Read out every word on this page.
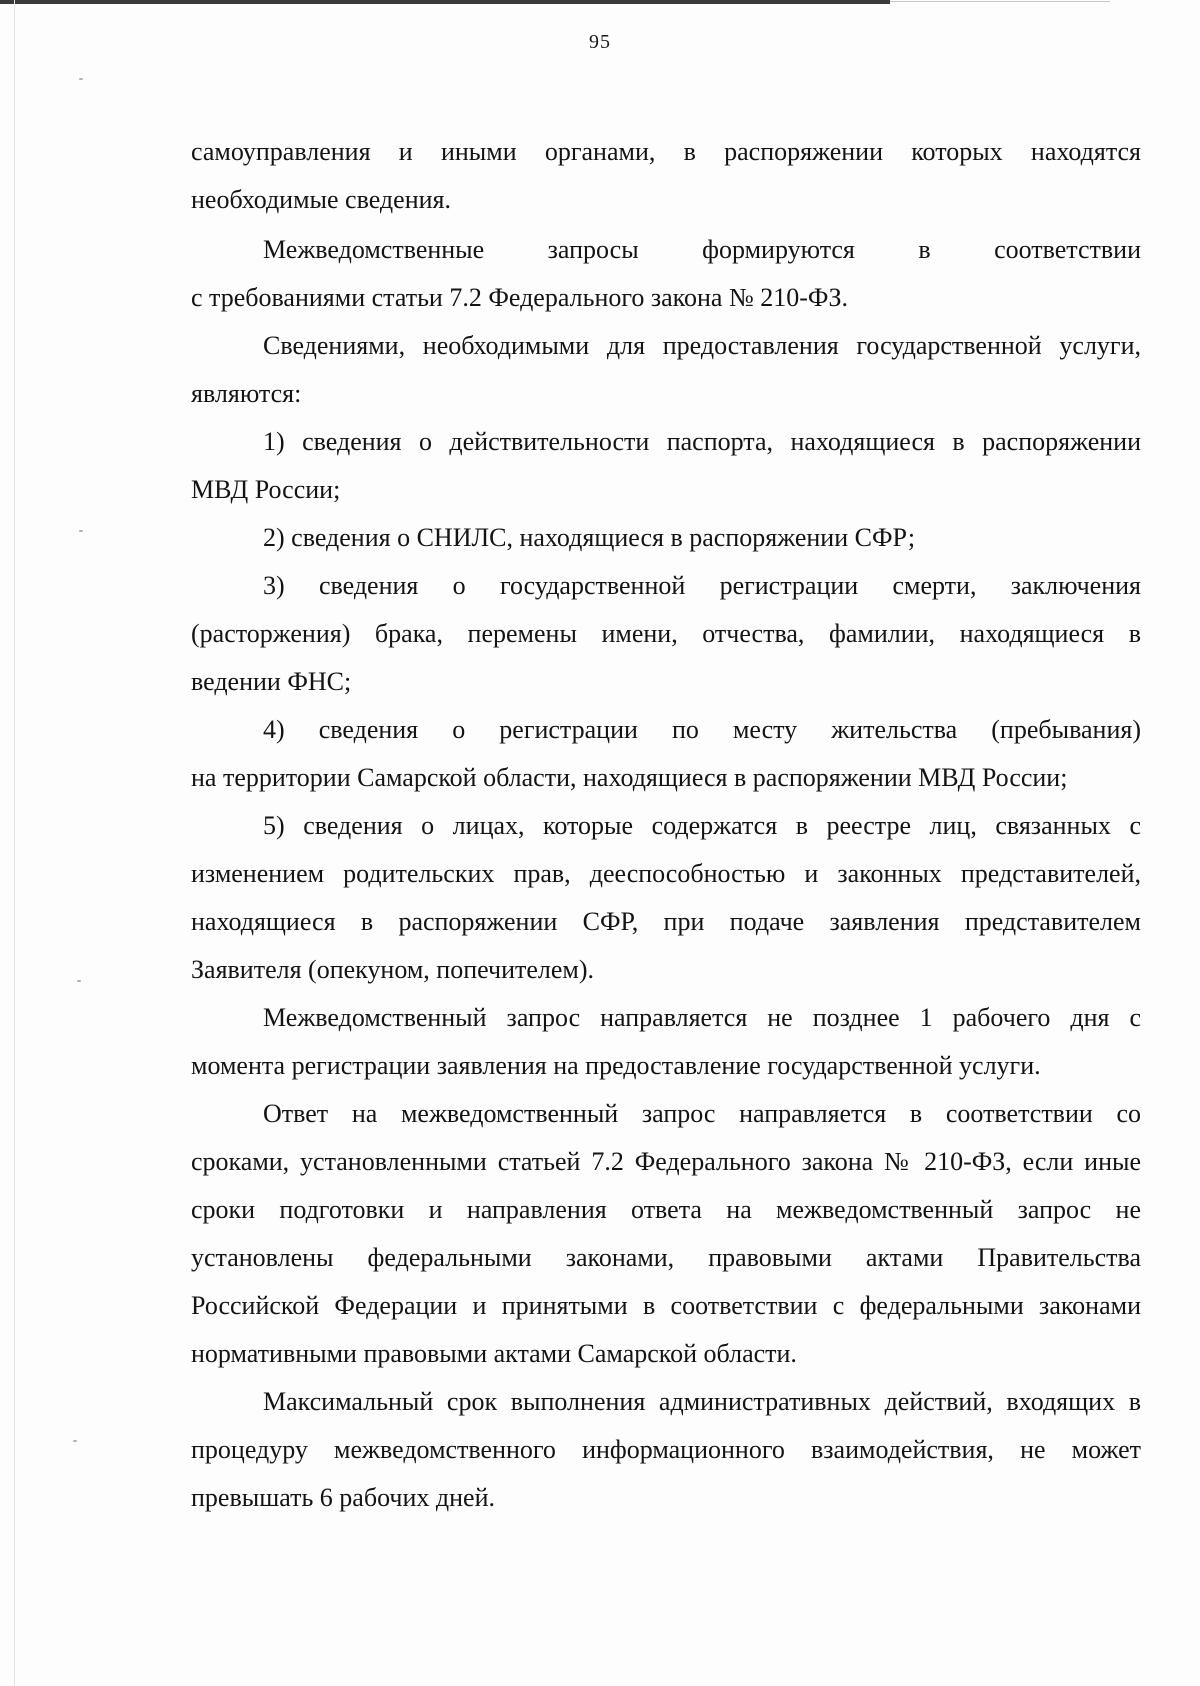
95

самоуправления и иными органами, в распоряжении которых находятся
необходимые сведения.

Межведомственные запросы формируются в соответствии
с требованиями статьи 7.2 Федерального закона № 210-ФЗ.

Сведениями, необходимыми для предоставления государственной услуги,
являются:

1) сведения о действительности паспорта, находящиеся в распоряжении
МВД России;

2) сведения о СНИЛС, находящиеся в распоряжении СФР;

3) сведения о государственной регистрации смерти, заключения
(расторжения) брака, перемены имени, отчества, фамилии, находящиеся в
ведении ФНС;

4) сведения о регистрации по месту жительства (пребывания)
на территории Самарской области, находящиеся в распоряжении МВД России;

5) сведения о лицах, которые содержатся в реестре лиц, связанных с
изменением родительских прав, дееспособностью и законных представителей,
находящиеся в распоряжении СФР, при подаче заявления представителем
Заявителя (опекуном, попечителем).

Межведомственный запрос направляется не позднее 1 рабочего дня с
момента регистрации заявления на предоставление государственной услуги.

Ответ на межведомственный запрос направляется в соответствии со
сроками, установленными статьей 7.2 Федерального закона № 210-ФЗ, если иные
сроки подготовки и направления ответа на межведомственный запрос не
установлены федеральными законами, правовыми актами Правительства
Российской Федерации и принятыми в соответствии с федеральными законами
нормативными правовыми актами Самарской области.

Максимальный срок выполнения административных действий, входящих в
процедуру межведомственного информационного взаимодействия, не может
превышать 6 рабочих дней.
